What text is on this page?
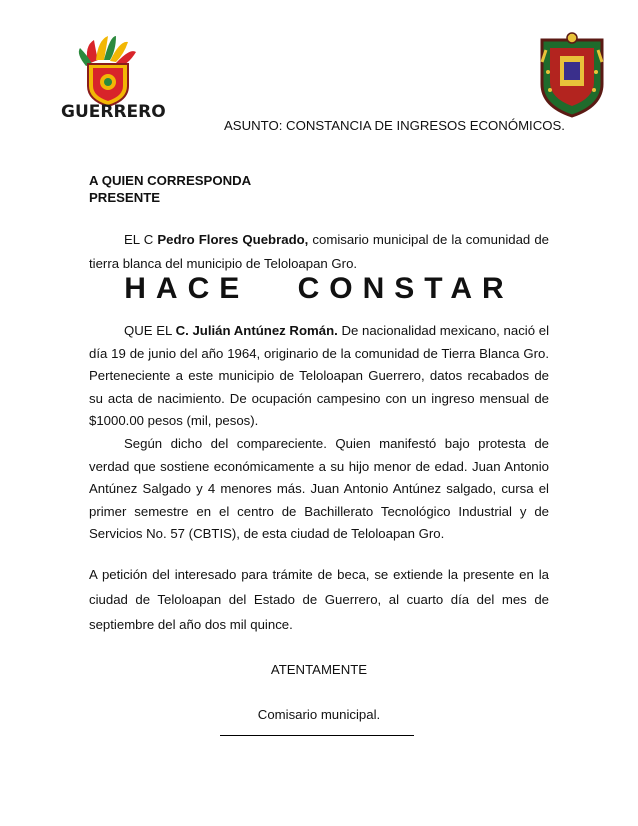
GUERRERO
ASUNTO: CONSTANCIA DE INGRESOS ECONÓMICOS.
A QUIEN CORRESPONDA
PRESENTE
EL C Pedro Flores Quebrado, comisario municipal de la comunidad de tierra blanca del municipio de Teloloapan Gro.
HACE CONSTAR

QUE EL C. Julián Antúnez Román. De nacionalidad mexicano, nació el día 19 de junio del año 1964, originario de la comunidad de Tierra Blanca Gro. Perteneciente a este municipio de Teloloapan Guerrero, datos recabados de su acta de nacimiento. De ocupación campesino con un ingreso mensual de $1000.00 pesos (mil, pesos).

Según dicho del compareciente. Quien manifestó bajo protesta de verdad que sostiene económicamente a su hijo menor de edad. Juan Antonio Antúnez Salgado y 4 menores más. Juan Antonio Antúnez salgado, cursa el primer semestre en el centro de Bachillerato Tecnológico Industrial y de Servicios No. 57 (CBTIS), de esta ciudad de Teloloapan Gro.

A petición del interesado para trámite de beca, se extiende la presente en la ciudad de Teloloapan del Estado de Guerrero, al cuarto día del mes de septiembre del año dos mil quince.
ATENTAMENTE
Comisario municipal.
